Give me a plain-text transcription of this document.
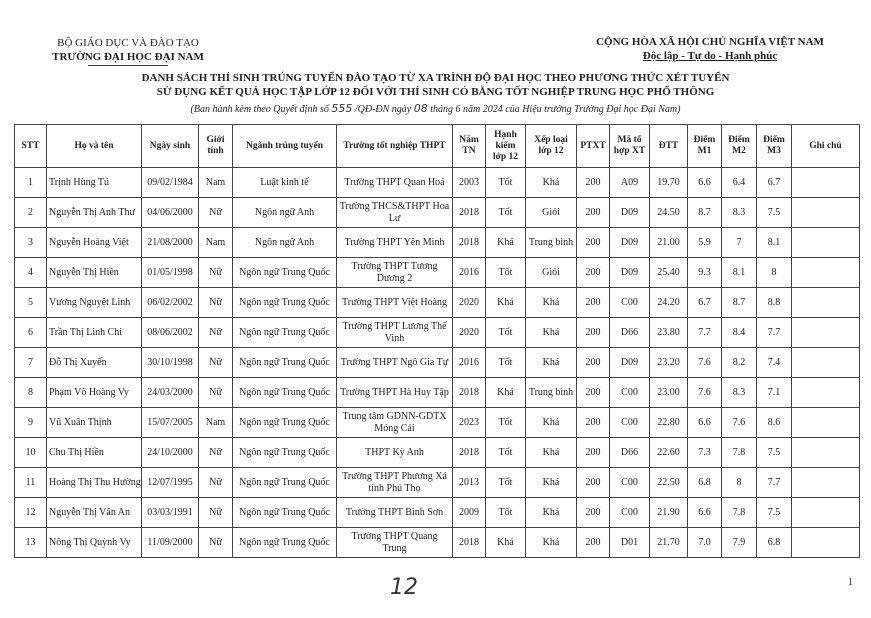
BỘ GIÁO DỤC VÀ ĐÀO TẠO
TRƯỜNG ĐẠI HỌC ĐẠI NAM
CỘNG HÒA XÃ HỘI CHỦ NGHĨA VIỆT NAM
Độc lập - Tự do - Hạnh phúc
DANH SÁCH THÍ SINH TRÚNG TUYỂN ĐÀO TẠO TỪ XA TRÌNH ĐỘ ĐẠI HỌC THEO PHƯƠNG THỨC XÉT TUYỂN
SỬ DỤNG KẾT QUẢ HỌC TẬP LỚP 12 ĐỐI VỚI THÍ SINH CÓ BẰNG TỐT NGHIỆP TRUNG HỌC PHỔ THÔNG
(Ban hành kèm theo Quyết định số 555 /QĐ-ĐN ngày 08 tháng 6 năm 2024 của Hiệu trưởng Trường Đại học Đại Nam)
STT	Họ và tên	Ngày sinh	Giới tính	Ngành trúng tuyển	Trường tốt nghiệp THPT	Năm TN	Hạnh kiểm lớp 12	Xếp loại lớp 12	PTXT	Mã tổ hợp XT	ĐTT	Điểm M1	Điểm M2	Điểm M3	Ghi chú
1	Trịnh Hùng Tú	09/02/1984	Nam	Luật kinh tế	Trường THPT Quan Hoá	2003	Tốt	Khá	200	A09	19.70	6.6	6.4	6.7	
2	Nguyễn Thị Anh Thư	04/06/2000	Nữ	Ngôn ngữ Anh	Trường THCS&THPT Hoa Lư	2018	Tốt	Giỏi	200	D09	24.50	8.7	8.3	7.5	
3	Nguyễn Hoàng Việt	21/08/2000	Nam	Ngôn ngữ Anh	Trường THPT Yên Minh	2018	Khá	Trung bình	200	D09	21.00	5.9	7	8.1	
4	Nguyễn Thị Hiền	01/05/1998	Nữ	Ngôn ngữ Trung Quốc	Trường THPT Tương Dương 2	2016	Tốt	Giỏi	200	D09	25.40	9.3	8.1	8	
5	Vương Nguyệt Linh	06/02/2002	Nữ	Ngôn ngữ Trung Quốc	Trường THPT Việt Hoàng	2020	Khá	Khá	200	C00	24.20	6.7	8.7	8.8	
6	Trần Thị Linh Chi	08/06/2002	Nữ	Ngôn ngữ Trung Quốc	Trường THPT Lương Thế Vinh	2020	Tốt	Khá	200	D66	23.80	7.7	8.4	7.7	
7	Đỗ Thị Xuyến	30/10/1998	Nữ	Ngôn ngữ Trung Quốc	Trường THPT Ngô Gia Tự	2016	Tốt	Khá	200	D09	23.20	7.6	8.2	7.4	
8	Phạm Võ Hoàng Vy	24/03/2000	Nữ	Ngôn ngữ Trung Quốc	Trường THPT Hà Huy Tập	2018	Khá	Trung bình	200	C00	23.00	7.6	8.3	7.1	
9	Vũ Xuân Thịnh	15/07/2005	Nam	Ngôn ngữ Trung Quốc	Trung tâm GDNN-GDTX Móng Cái	2023	Tốt	Khá	200	C00	22.80	6.6	7.6	8.6	
10	Chu Thị Hiền	24/10/2000	Nữ	Ngôn ngữ Trung Quốc	THPT Kỳ Anh	2018	Tốt	Khá	200	D66	22.60	7.3	7.8	7.5	
11	Hoàng Thị Thu Hường	12/07/1995	Nữ	Ngôn ngữ Trung Quốc	Trường THPT Phương Xá tỉnh Phú Thọ	2013	Tốt	Khá	200	C00	22.50	6.8	8	7.7	
12	Nguyễn Thị Vân An	03/03/1991	Nữ	Ngôn ngữ Trung Quốc	Trường THPT Bình Sơn	2009	Tốt	Khá	200	C00	21.90	6.6	7.8	7.5	
13	Nông Thị Quỳnh Vy	11/09/2000	Nữ	Ngôn ngữ Trung Quốc	Trường THPT Quang Trung	2018	Khá	Khá	200	D01	21.70	7.0	7.9	6.8	
12	1
